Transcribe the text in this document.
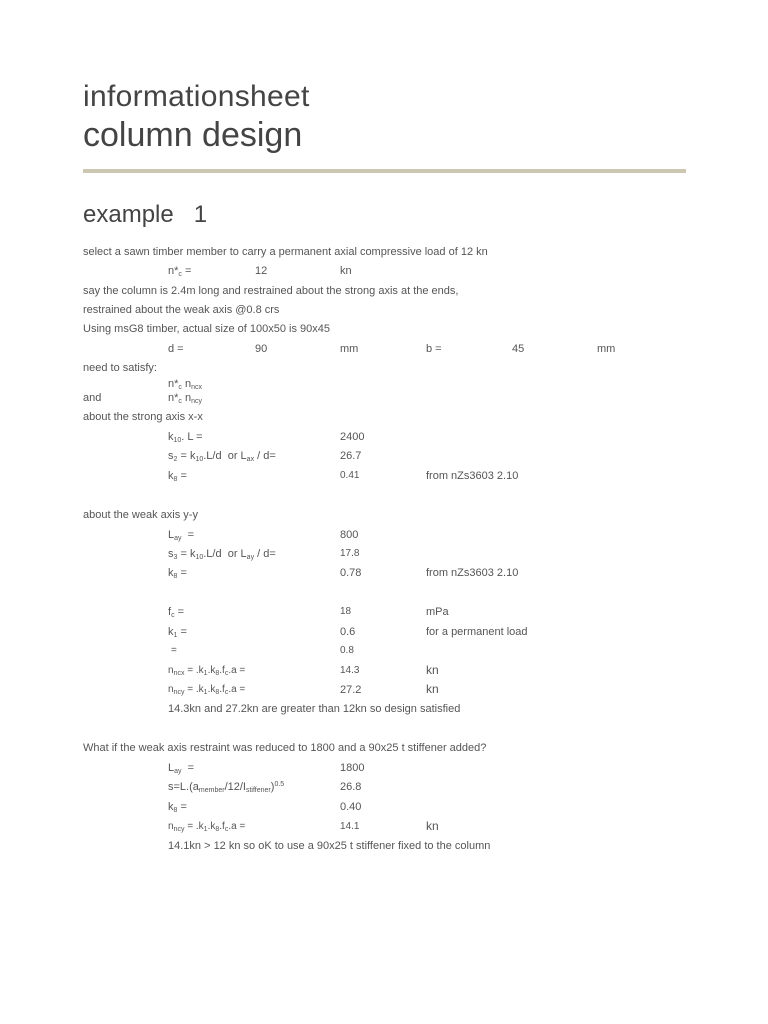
informationsheet
column design
example 1
select a sawn timber member to carry a permanent axial compressive load of 12 kn
$n*_c$ =	12	kn
say the column is 2.4m long and restrained about the strong axis at the ends,
restrained about the weak axis @0.8 crs
Using msG8 timber, actual size of 100x50 is 90x45
d =	90	mm	b =	45	mm
need to satisfy:
$n*_c$ $n_{ncx}$
and	$n*_c$ $n_{ncy}$
about the strong axis x-x
$k_{10}$. L =	2400
$s_2 = k_{10}.L/d$  or $L_{ax} / d=$	26.7
$k_8$ =	0.41	from nZs3603 2.10
about the weak axis y-y
$L_{ay}$  =	800
$s_3 = k_{10}.L/d$  or $L_{ay} / d=$	17.8
$k_8$ =	0.78	from nZs3603 2.10
$f_c$ =	18	mPa
$k_1$ =	0.6	for a permanent load
=	0.8
$n_{ncx} = .k_1.k_8.f_c.a$ =	14.3	kn
$n_{ncy} = .k_1.k_8.f_c.a$ =	27.2	kn
14.3kn and 27.2kn are greater than 12kn so design satisfied
What if the weak axis restraint was reduced to 1800 and a 90x25 t stiffener added?
$L_{ay}$  =	1800
$s=L.(a_{member}/12/I_{stiffener})^{0.5}$	26.8
$k_8$ =	0.40
$n_{ncy} = .k_1.k_8.f_c.a$ =	14.1	kn
14.1kn > 12 kn so oK to use a 90x25 t stiffener fixed to the column
